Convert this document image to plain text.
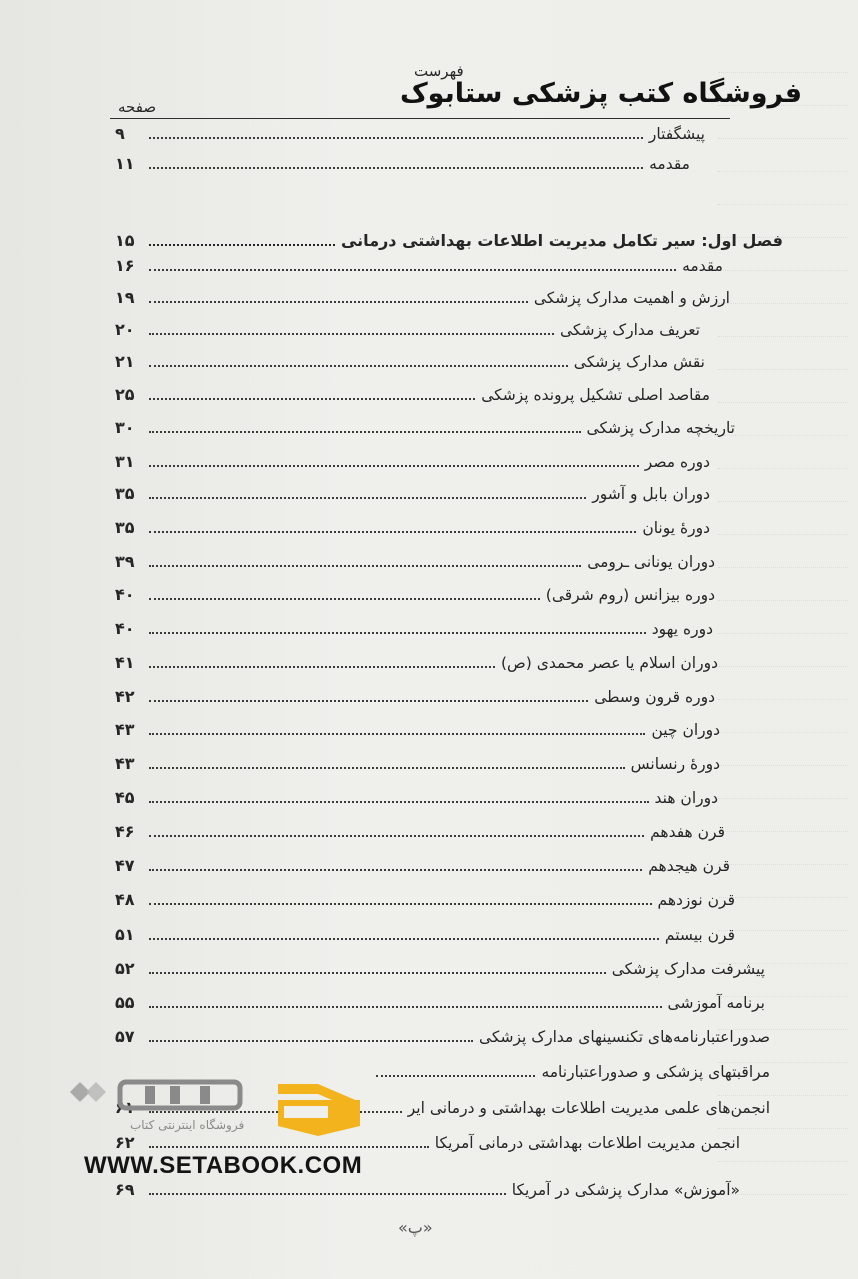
فهرست
فروشگاه کتب پزشکی ستابوک
صفحه
پیشگفتار
۹
مقدمه
۱۱
فصل اول: سیر تکامل مدیریت اطلاعات بهداشتی درمانی
۱۵
مقدمه
۱۶
ارزش و اهمیت مدارک پزشکی
۱۹
تعریف مدارک پزشکی
۲۰
نقش مدارک پزشکی
۲۱
مقاصد اصلی تشکیل پرونده پزشکی
۲۵
تاریخچه مدارک پزشکی
۳۰
دوره مصر
۳۱
دوران بابل و آشور
۳۵
دورهٔ یونان
۳۵
دوران یونانی ـرومی
۳۹
دوره بیزانس (روم شرقی)
۴۰
دوره یهود
۴۰
دوران اسلام یا عصر محمدی (ص)
۴۱
دوره قرون وسطی
۴۲
دوران چین
۴۳
دورهٔ رنسانس
۴۳
دوران هند
۴۵
قرن هفدهم
۴۶
قرن هیجدهم
۴۷
قرن نوزدهم
۴۸
قرن بیستم
۵۱
پیشرفت مدارک پزشکی
۵۲
برنامه آموزشی
۵۵
صدوراعتبارنامه‌های تکنسینهای مدارک پزشکی
۵۷
مراقبتهای پزشکی و صدوراعتبارنامه
انجمن‌های علمی مدیریت اطلاعات بهداشتی و درمانی ایر
۶۱
انجمن مدیریت اطلاعات بهداشتی درمانی آمریکا
۶۲
«آموزش» مدارک پزشکی در آمریکا
۶۹
فروشگاه اینترنتی کتاب
WWW.SETABOOK.COM
«پ»
